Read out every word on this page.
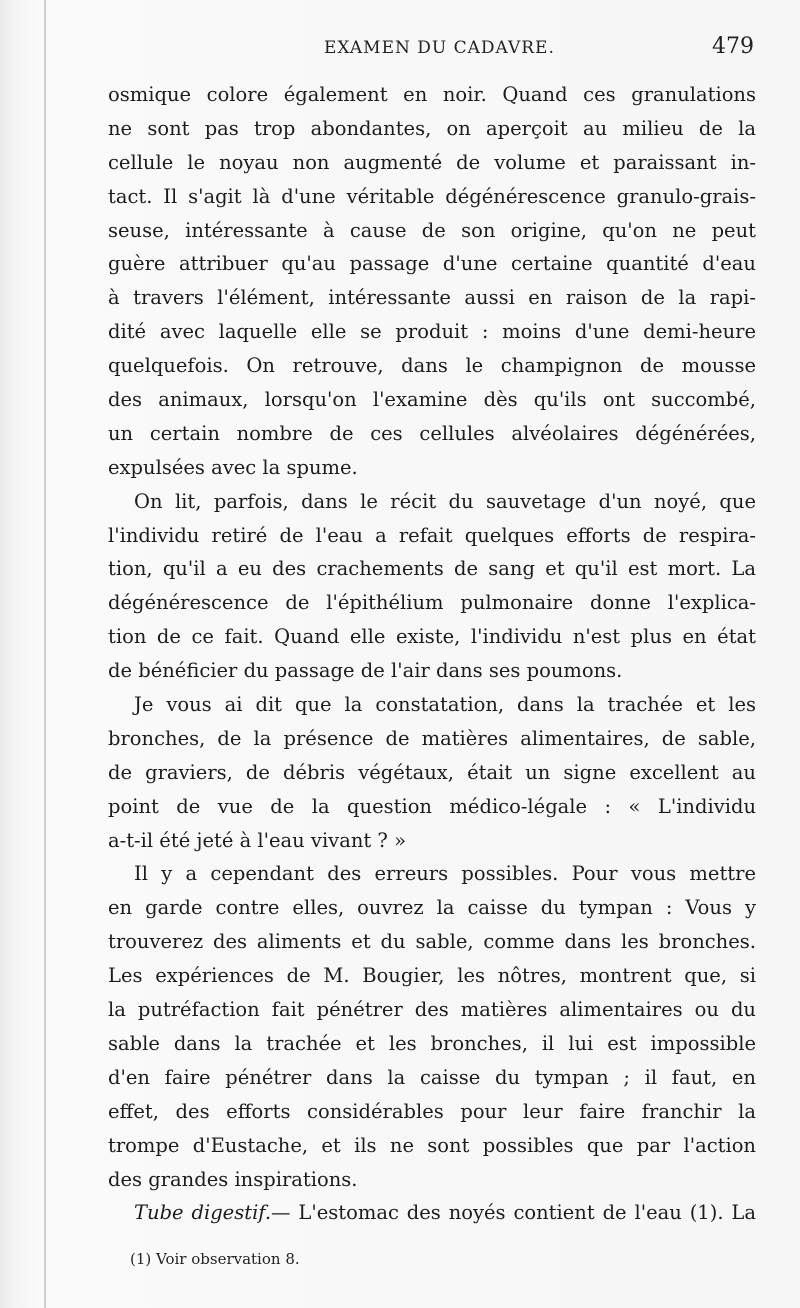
EXAMEN DU CADAVRE.	479
osmique colore également en noir. Quand ces granulations
ne sont pas trop abondantes, on aperçoit au milieu de la
cellule le noyau non augmenté de volume et paraissant in-
tact. Il s'agit là d'une véritable dégénérescence granulo-grais-
seuse, intéressante à cause de son origine, qu'on ne peut
guère attribuer qu'au passage d'une certaine quantité d'eau
à travers l'élément, intéressante aussi en raison de la rapi-
dité avec laquelle elle se produit : moins d'une demi-heure
quelquefois. On retrouve, dans le champignon de mousse
des animaux, lorsqu'on l'examine dès qu'ils ont succombé,
un certain nombre de ces cellules alvéolaires dégénérées,
expulsées avec la spume.
On lit, parfois, dans le récit du sauvetage d'un noyé, que
l'individu retiré de l'eau a refait quelques efforts de respira-
tion, qu'il a eu des crachements de sang et qu'il est mort. La
dégénérescence de l'épithélium pulmonaire donne l'explica-
tion de ce fait. Quand elle existe, l'individu n'est plus en état
de bénéficier du passage de l'air dans ses poumons.
Je vous ai dit que la constatation, dans la trachée et les
bronches, de la présence de matières alimentaires, de sable,
de graviers, de débris végétaux, était un signe excellent au
point de vue de la question médico-légale : « L'individu
a-t-il été jeté à l'eau vivant ? »
Il y a cependant des erreurs possibles. Pour vous mettre
en garde contre elles, ouvrez la caisse du tympan : Vous y
trouverez des aliments et du sable, comme dans les bronches.
Les expériences de M. Bougier, les nôtres, montrent que, si
la putréfaction fait pénétrer des matières alimentaires ou du
sable dans la trachée et les bronches, il lui est impossible
d'en faire pénétrer dans la caisse du tympan ; il faut, en
effet, des efforts considérables pour leur faire franchir la
trompe d'Eustache, et ils ne sont possibles que par l'action
des grandes inspirations.
Tube digestif.— L'estomac des noyés contient de l'eau (1). La
(1) Voir observation 8.
